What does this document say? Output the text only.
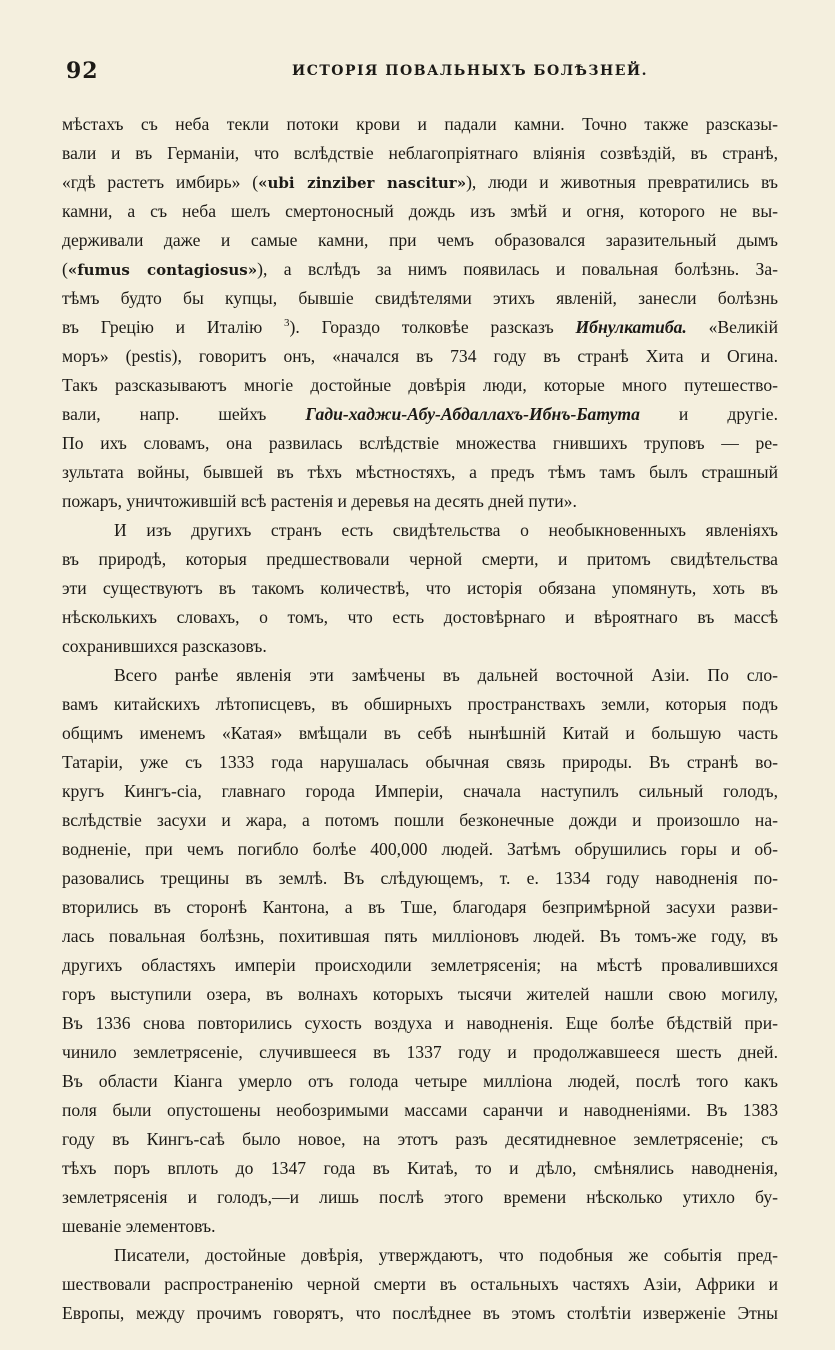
92	ИСТОРІЯ ПОВАЛЬНЫХЪ БОЛѢЗНЕЙ.
мѣстахъ съ неба текли потоки крови и падали камни. Точно также разсказы-
вали и въ Германіи, что вслѣдствіе неблагопріятнаго вліянія созвѣздій, въ странѣ,
«гдѣ растетъ имбирь» («ubi zinziber nascitur»), люди и животныя превратились въ
камни, а съ неба шелъ смертоносный дождь изъ змѣй и огня, которого не вы-
держивали даже и самые камни, при чемъ образовался заразительный дымъ
(«fumus contagiosus»), а вслѣдъ за нимъ появилась и повальная болѣзнь. За-
тѣмъ будто бы купцы, бывшіе свидѣтелями этихъ явленій, занесли болѣзнь
въ Грецію и Италію $^3$). Гораздо толковѣе разсказъ Ибнулкатиба. «Великій
моръ» (pestis), говоритъ онъ, «начался въ 734 году въ странѣ Хита и Огина.
Такъ разсказываютъ многіе достойные довѣрія люди, которые много путешество-
вали, напр. шейхъ Гади-хаджи-Абу-Абдаллахъ-Ибнъ-Батута и другіе.
По ихъ словамъ, она развилась вслѣдствіе множества гнившихъ труповъ — ре-
зультата войны, бывшей въ тѣхъ мѣстностяхъ, а предъ тѣмъ тамъ былъ страшный
пожаръ, уничтожившій всѣ растенія и деревья на десять дней пути».
И изъ другихъ странъ есть свидѣтельства о необыкновенныхъ явленіяхъ
въ природѣ, которыя предшествовали черной смерти, и притомъ свидѣтельства
эти существуютъ въ такомъ количествѣ, что исторія обязана упомянуть, хоть въ
нѣсколькихъ словахъ, о томъ, что есть достовѣрнаго и вѣроятнаго въ массѣ
сохранившихся разсказовъ.
Всего ранѣе явленія эти замѣчены въ дальней восточной Азіи. По сло-
вамъ китайскихъ лѣтописцевъ, въ обширныхъ пространствахъ земли, которыя подъ
общимъ именемъ «Катая» вмѣщали въ себѣ нынѣшній Китай и большую часть
Татаріи, уже съ 1333 года нарушалась обычная связь природы. Въ странѣ во-
кругъ Кингъ-сіа, главнаго города Имперіи, сначала наступилъ сильный голодъ,
вслѣдствіе засухи и жара, а потомъ пошли безконечные дожди и произошло на-
водненіе, при чемъ погибло болѣе 400,000 людей. Затѣмъ обрушились горы и об-
разовались трещины въ землѣ. Въ слѣдующемъ, т. е. 1334 году наводненія по-
вторились въ сторонѣ Кантона, а въ Тше, благодаря безпримѣрной засухи разви-
лась повальная болѣзнь, похитившая пять милліоновъ людей. Въ томъ-же году, въ
другихъ областяхъ имперіи происходили землетрясенія; на мѣстѣ провалившихся
горъ выступили озера, въ волнахъ которыхъ тысячи жителей нашли свою могилу,
Въ 1336 снова повторились сухость воздуха и наводненія. Еще болѣе бѣдствій при-
чинило землетрясеніе, случившееся въ 1337 году и продолжавшееся шесть дней.
Въ области Кіанга умерло отъ голода четыре милліона людей, послѣ того какъ
поля были опустошены необозримыми массами саранчи и наводненіями. Въ 1383
году въ Кингъ-саѣ было новое, на этотъ разъ десятидневное землетрясеніе; съ
тѣхъ поръ вплоть до 1347 года въ Китаѣ, то и дѣло, смѣнялись наводненія,
землетрясенія и голодъ,—и лишь послѣ этого времени нѣсколько утихло бу-
шеваніе элементовъ.
Писатели, достойные довѣрія, утверждаютъ, что подобныя же событія пред-
шествовали распространенію черной смерти въ остальныхъ частяхъ Азіи, Африки и
Европы, между прочимъ говорятъ, что послѣднее въ этомъ столѣтіи изверженіе Этны
